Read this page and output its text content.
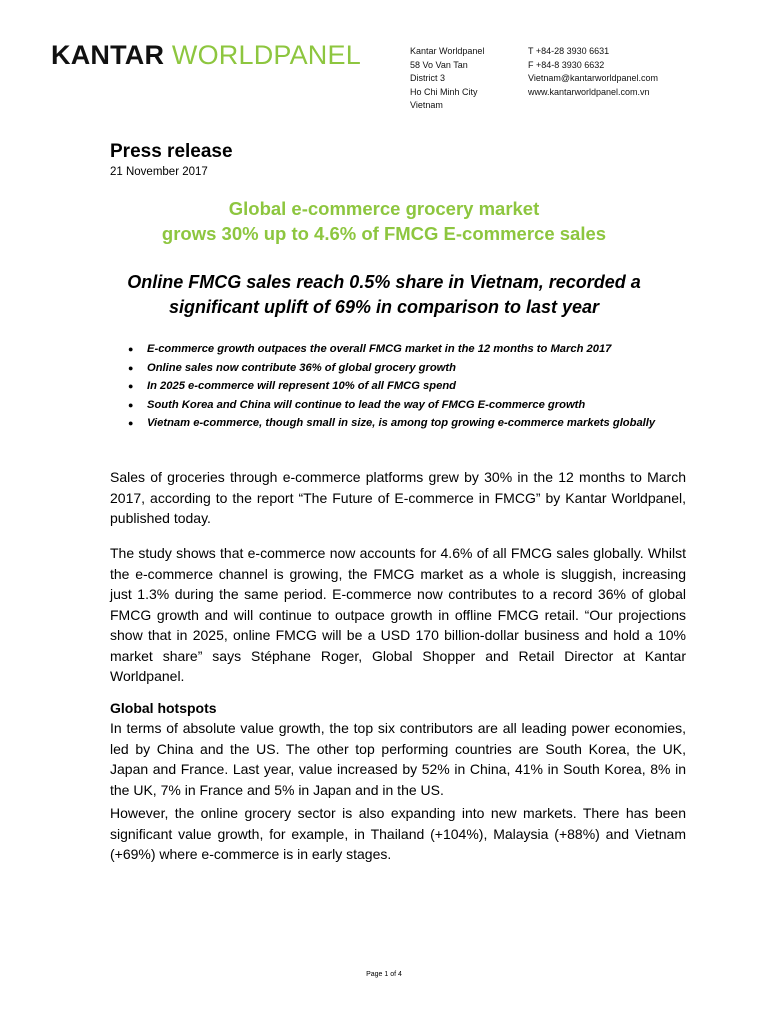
KANTAR WORLDPANEL	Kantar Worldpanel
58 Vo Van Tan
District 3
Ho Chi Minh City
Vietnam
T +84-28 3930 6631
F +84-8 3930 6632
Vietnam@kantarworldpanel.com
www.kantarworldpanel.com.vn
Press release
21 November 2017
Global e-commerce grocery market
grows 30% up to 4.6% of FMCG E-commerce sales
Online FMCG sales reach 0.5% share in Vietnam, recorded a
significant uplift of 69% in comparison to last year
● E-commerce growth outpaces the overall FMCG market in the 12 months to March 2017
● Online sales now contribute 36% of global grocery growth
● In 2025 e-commerce will represent 10% of all FMCG spend
● South Korea and China will continue to lead the way of FMCG E-commerce growth
● Vietnam e-commerce, though small in size, is among top growing e-commerce markets globally

Sales of groceries through e-commerce platforms grew by 30% in the 12 months to March 2017, according to the report “The Future of E-commerce in FMCG” by Kantar Worldpanel, published today.

The study shows that e-commerce now accounts for 4.6% of all FMCG sales globally. Whilst the e-commerce channel is growing, the FMCG market as a whole is sluggish, increasing just 1.3% during the same period. E-commerce now contributes to a record 36% of global FMCG growth and will continue to outpace growth in offline FMCG retail. “Our projections show that in 2025, online FMCG will be a USD 170 billion-dollar business and hold a 10% market share” says Stéphane Roger, Global Shopper and Retail Director at Kantar Worldpanel.

Global hotspots

In terms of absolute value growth, the top six contributors are all leading power economies, led by China and the US. The other top performing countries are South Korea, the UK, Japan and France. Last year, value increased by 52% in China, 41% in South Korea, 8% in the UK, 7% in France and 5% in Japan and in the US.

However, the online grocery sector is also expanding into new markets. There has been significant value growth, for example, in Thailand (+104%), Malaysia (+88%) and Vietnam (+69%) where e-commerce is in early stages.

Page 1 of 4
